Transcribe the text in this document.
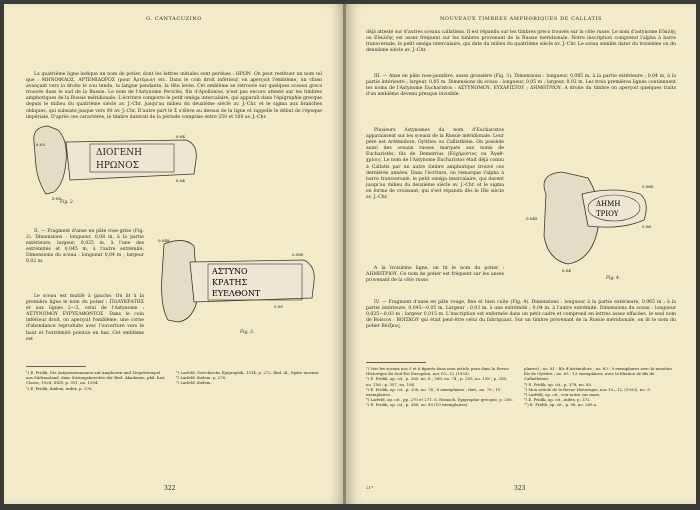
G. CANTACUZINO
La quatrième ligne indique un nom de potier, dont les lettres initiales sont perdues : ΗΡΩΝ. On peut restituer un nom tel que : ΜΗΝΟΦΙΛΟΣ, ΑΡΤΕΜΙΔΩΡΟΣ (pour Ἀρτέμων) etc. Dans le coin droit inférieur, on aperçoit l'emblème, un chien avançant vers la droite le cou tendu, la langue pendante, la tête levée. Cet emblème se retrouve sur quelques sceaux grecs trouvés dans le sud de la Russie. Le nom de l'Astynome Periclès, fils d'Apollonios, n'est pas encore attesté sur les timbres amphoriques de la Russie méridionale. L'écriture comporte le petit oméga intercalaire, qui apparaît dans l'épigraphie grecque depuis le milieu du quatrième siècle av. J.-Chr. jusqu'au milieu du deuxième siècle av. J.-Chr. et le sigma aux branches obliques, qui subsiste jusque vers 90 av. J.-Chr. D'autre part le Σ s'élève au dessus de la ligne et rappelle le début de l'époque impériale. D'après ces caractères, le timbre daterait de la période comprise entre 250 et 100 av. J.-Chr.
II. — Fragment d'anse en pâte rose-grise (Fig. 2). Dimensions : longueur, 0,08 m, à la partie extérieure, largeur, 0,025 m, à l'une des extrémités et 0,045 m, à l'autre extrémité. Dimensions du sceau : longueur 0,04 m ; largeur 0,02 m.
Le sceau est mutilé à gauche. On lit à la première ligne le nom du potier : ΠΟΛΥΚΡΑΤΗΣ et aux lignes 2—3, celui de l'Astynome : ΑΣΤΥΝΟΜΟΥ ΕΥΡΥΕΛΘΟΝΤΟΣ. Dans le coin inférieur droit, on aperçoit l'emblème, une corne d'abondance reproduite avec l'ouverture vers le haut et l'extrémité pointue en bas. Cet emblème est
ΔΙΟΓΕΝΗ
ΗΡΩΝΟΣ
0.04
0.04
0.03
0.08
Fig. 2.
ΑΣΤΥΝΟ
ΚΡΑΤΗΣ
ΕΥΕΛΘΟΝΤ
0.085
0.05
0.048
Fig. 3.

¹) E. Pridik, Die Astynomennamen auf Amphoren und Ziegelstempel aus Südrussland, dans Sitzungsberichte der Berl. Akademie, phil. hist. Classe, 1928, XXIV, p. 351, no. 1094.

²) E. Pridik, ibidem, index, p. 376.

³) Larfeld, Griechische Epigraphik, 1914, p. 272. Ibid. id., Späte moeurs.

⁴) Larfeld, ibidem, p. 276.

⁵) Larfeld, ibidem.

322
NOUVEAUX TIMBRES AMPHORIQUES DE CALLATIS
déjà attesté sur d'autres sceaux callatiens. Il est répandu sur les timbres grecs trouvés sur la côte russe. Le nom d'astynome Εὐκλῆς ou Εὐκλέης est assez fréquent sur les timbres provenant de la Russie méridionale. Notre inscription comprend l'alpha à barre transversale, le petit oméga intercalaire, qui date du milieu du quatrième siècle av. J.-Chr. Le sceau semble dater du troisième ou du deuxième siècle av. J.-Chr.
III. — Anse en pâte rose-jaunâtre, assez grossière (Fig. 3). Dimensions : longueur, 0,085 m, à la partie extérieure ; 0,04 m, à la partie intérieure ; largeur, 0,05 m. Dimensions du sceau : longueur, 0,05 m ; largeur, 0,02 m. Les trois premières lignes contiennent les noms de l'Astynome Eucharistos : ΑΣΤΥΝΟΜΟΥ, ΕΥΧΑΡΙΣΤΟΥ ; ΔΗΜΗΤΡΙΟΥ. A droite du timbre on aperçoit quelques traits d'un emblème devenu presque invisible.
Plusieurs Astynomes du nom d'Eucharistos apparaissent sur les sceaux de la Russie méridionale. Leur père est Artémidore, Gyttites ou Callisthène. On possède aussi des sceaux russes marqués aux noms de Eucharistès, fils de Demetrius (Εὐχάριστος ou Ἀγαθ-χρίου). Le nom de l'Astynome Eucharistos était déjà connu à Callatis par un autre timbre amphorique trouvé ces dernières années. Dans l'écriture, on remarque l'alpha à barre transversale, le petit oméga intercalaire, qui durent jusqu'au milieu du deuxième siècle av. J.-Chr. et le sigma en forme de croissant, qui s'est répandu dès le IIIe siècle av. J.-Chr.
A la troisième ligne, on lit le nom du potier : ΔΗΜΗΤΡΙΟΥ. Ce nom de potier est fréquent sur les anses provenant de la côte russe.
IV. — Fragment d'anse en pâte rouge, fine et bien cuite (Fig. 4). Dimensions : longueur à la partie extérieure, 0,065 m ; à la partie intérieure, 0,045—0,05 m. Largeur : 0,03 m. à une extrémité ; 0,04 m. à l'autre extrémité. Dimensions du sceau : longueur 0,025—0,03 m ; largeur 0,015 m. L'inscription est enfermée dans un petit cadre et comprend en lettres assez effacées, le seul nom de Boiscos : ΒΟΙΣΚΟΥ qui était peut-être celui du fabriquant. Sur un timbre provenant de la Russie méridionale, on lit le nom du potier Βόιξκος.
ΔΗΜΗ
ΤΡΙΟΥ
0.065
0.06
0.045
0.04
Fig. 4.

¹) Voir les sceaux nos 5 et 6 figurés dans mon article paru dans la Revue Historique du Sud-Est Européen, nos 10—12 (1933).

²) E. Pridik, op. cit., p. 365, no. 8 ; 368, no. 74 ; p. 355, no. 138 ; p. 358, no. 156 ; p. 357, no. 194.

³) E. Pridik, op. cit., p. 358, no. 74 ; 8 exemplaires ; ibid., no. 79 ; 10 exemplaires.

⁴) Larfeld, op. cit., pp. 270 et 271. S. Reinach, Épigraphie grecque, p. 206.

⁵) E. Pridik, op. cit., p. 368, no. 80 (10 exemplaires).

plaires) ; no. 81 : fils d'Artémidore ; no. 83 : 9 exemplaires avec la mention fils de Gyttites ; no. 65 : 13 exemplaires, avec la filiation de fils de Callisthènes.

⁶) E. Pridik, op. cit., p. 378, no. 85.

⁷) Mon article de la Revue Historique, nos 10—12, (1933), no. 9.

⁸) Larfeld, op. cit., voir notre sur mars.

⁹) E. Pridik, op. cit., index, p. 372.

¹⁰) E. Pridik, op. cit., p. 98, no. 268 a.

21*	323
